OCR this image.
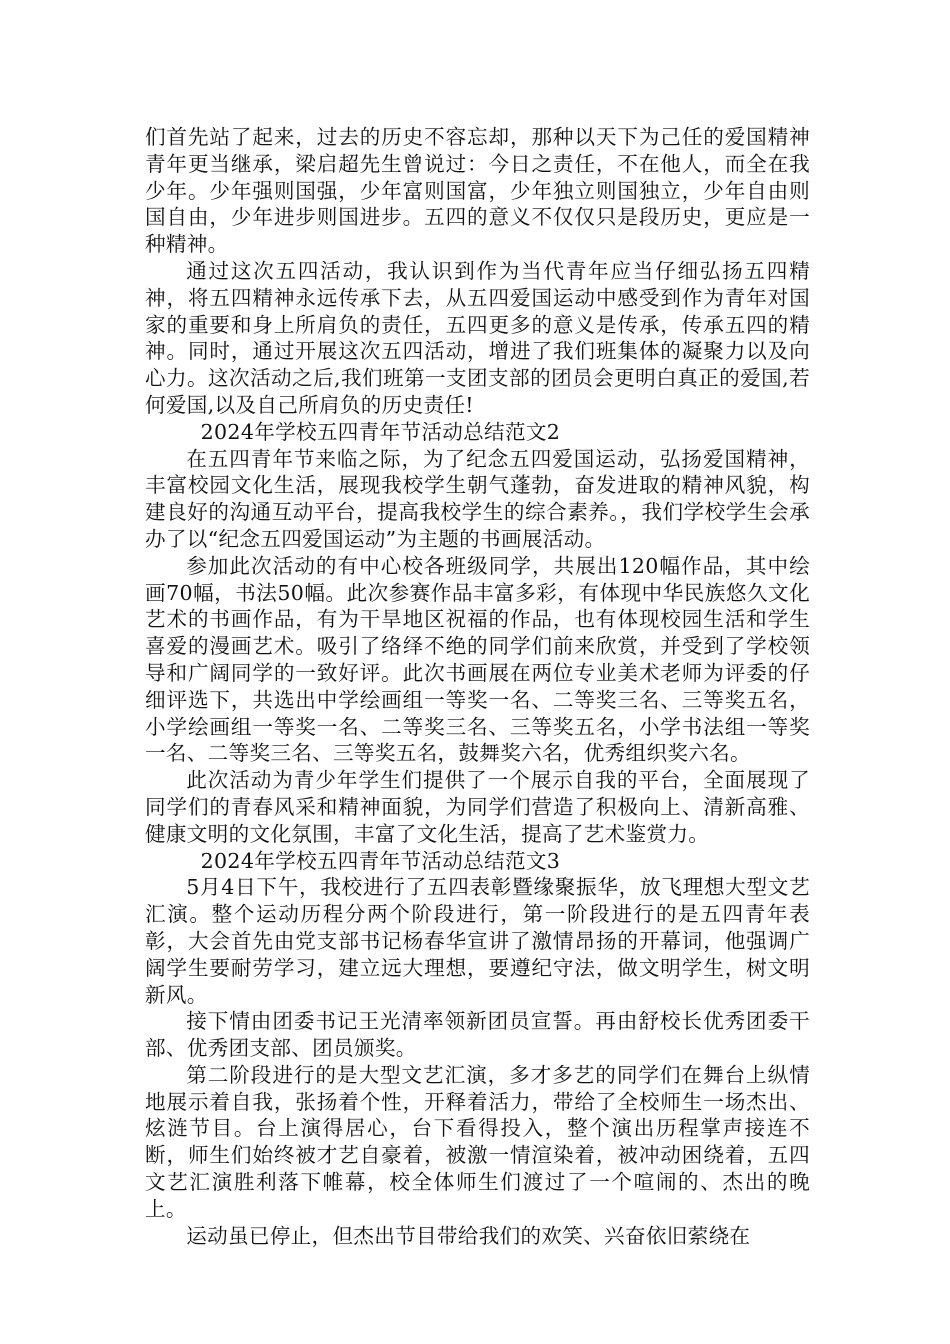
们首先站了起来，过去的历史不容忘却，那种以天下为己任的爱国精神青年更当继承，梁启超先生曾说过：今日之责任，不在他人，而全在我少年。少年强则国强，少年富则国富，少年独立则国独立，少年自由则国自由，少年进步则国进步。五四的意义不仅仅只是段历史，更应是一种精神。

通过这次五四活动，我认识到作为当代青年应当仔细弘扬五四精神，将五四精神永远传承下去，从五四爱国运动中感受到作为青年对国家的重要和身上所肩负的责任，五四更多的意义是传承，传承五四的精神。同时，通过开展这次五四活动，增进了我们班集体的凝聚力以及向心力。这次活动之后,我们班第一支团支部的团员会更明白真正的爱国,若何爱国,以及自己所肩负的历史责任!

2024年学校五四青年节活动总结范文2

在五四青年节来临之际，为了纪念五四爱国运动，弘扬爱国精神，丰富校园文化生活，展现我校学生朝气蓬勃，奋发进取的精神风貌，构建良好的沟通互动平台，提高我校学生的综合素养。，我们学校学生会承办了以“纪念五四爱国运动”为主题的书画展活动。

参加此次活动的有中心校各班级同学，共展出120幅作品，其中绘画70幅，书法50幅。此次参赛作品丰富多彩，有体现中华民族悠久文化艺术的书画作品，有为干旱地区祝福的作品，也有体现校园生活和学生喜爱的漫画艺术。吸引了络绎不绝的同学们前来欣赏，并受到了学校领导和广阔同学的一致好评。此次书画展在两位专业美术老师为评委的仔细评选下，共选出中学绘画组一等奖一名、二等奖三名、三等奖五名，小学绘画组一等奖一名、二等奖三名、三等奖五名，小学书法组一等奖一名、二等奖三名、三等奖五名，鼓舞奖六名，优秀组织奖六名。

此次活动为青少年学生们提供了一个展示自我的平台，全面展现了同学们的青春风采和精神面貌，为同学们营造了积极向上、清新高雅、健康文明的文化氛围，丰富了文化生活，提高了艺术鉴赏力。

2024年学校五四青年节活动总结范文3

5月4日下午，我校进行了五四表彰暨缘聚振华，放飞理想大型文艺汇演。整个运动历程分两个阶段进行，第一阶段进行的是五四青年表彰，大会首先由党支部书记杨春华宣讲了激情昂扬的开幕词，他强调广阔学生要耐劳学习，建立远大理想，要遵纪守法，做文明学生，树文明新风。

接下情由团委书记王光清率领新团员宣誓。再由舒校长优秀团委干部、优秀团支部、团员颁奖。

第二阶段进行的是大型文艺汇演，多才多艺的同学们在舞台上纵情地展示着自我，张扬着个性，开释着活力，带给了全校师生一场杰出、炫涟节目。台上演得居心，台下看得投入，整个演出历程掌声接连不断，师生们始终被才艺自豪着，被激一情渲染着，被冲动困绕着，五四文艺汇演胜利落下帷幕，校全体师生们渡过了一个喧闹的、杰出的晚上。

运动虽已停止，但杰出节目带给我们的欢笑、兴奋依旧萦绕在
